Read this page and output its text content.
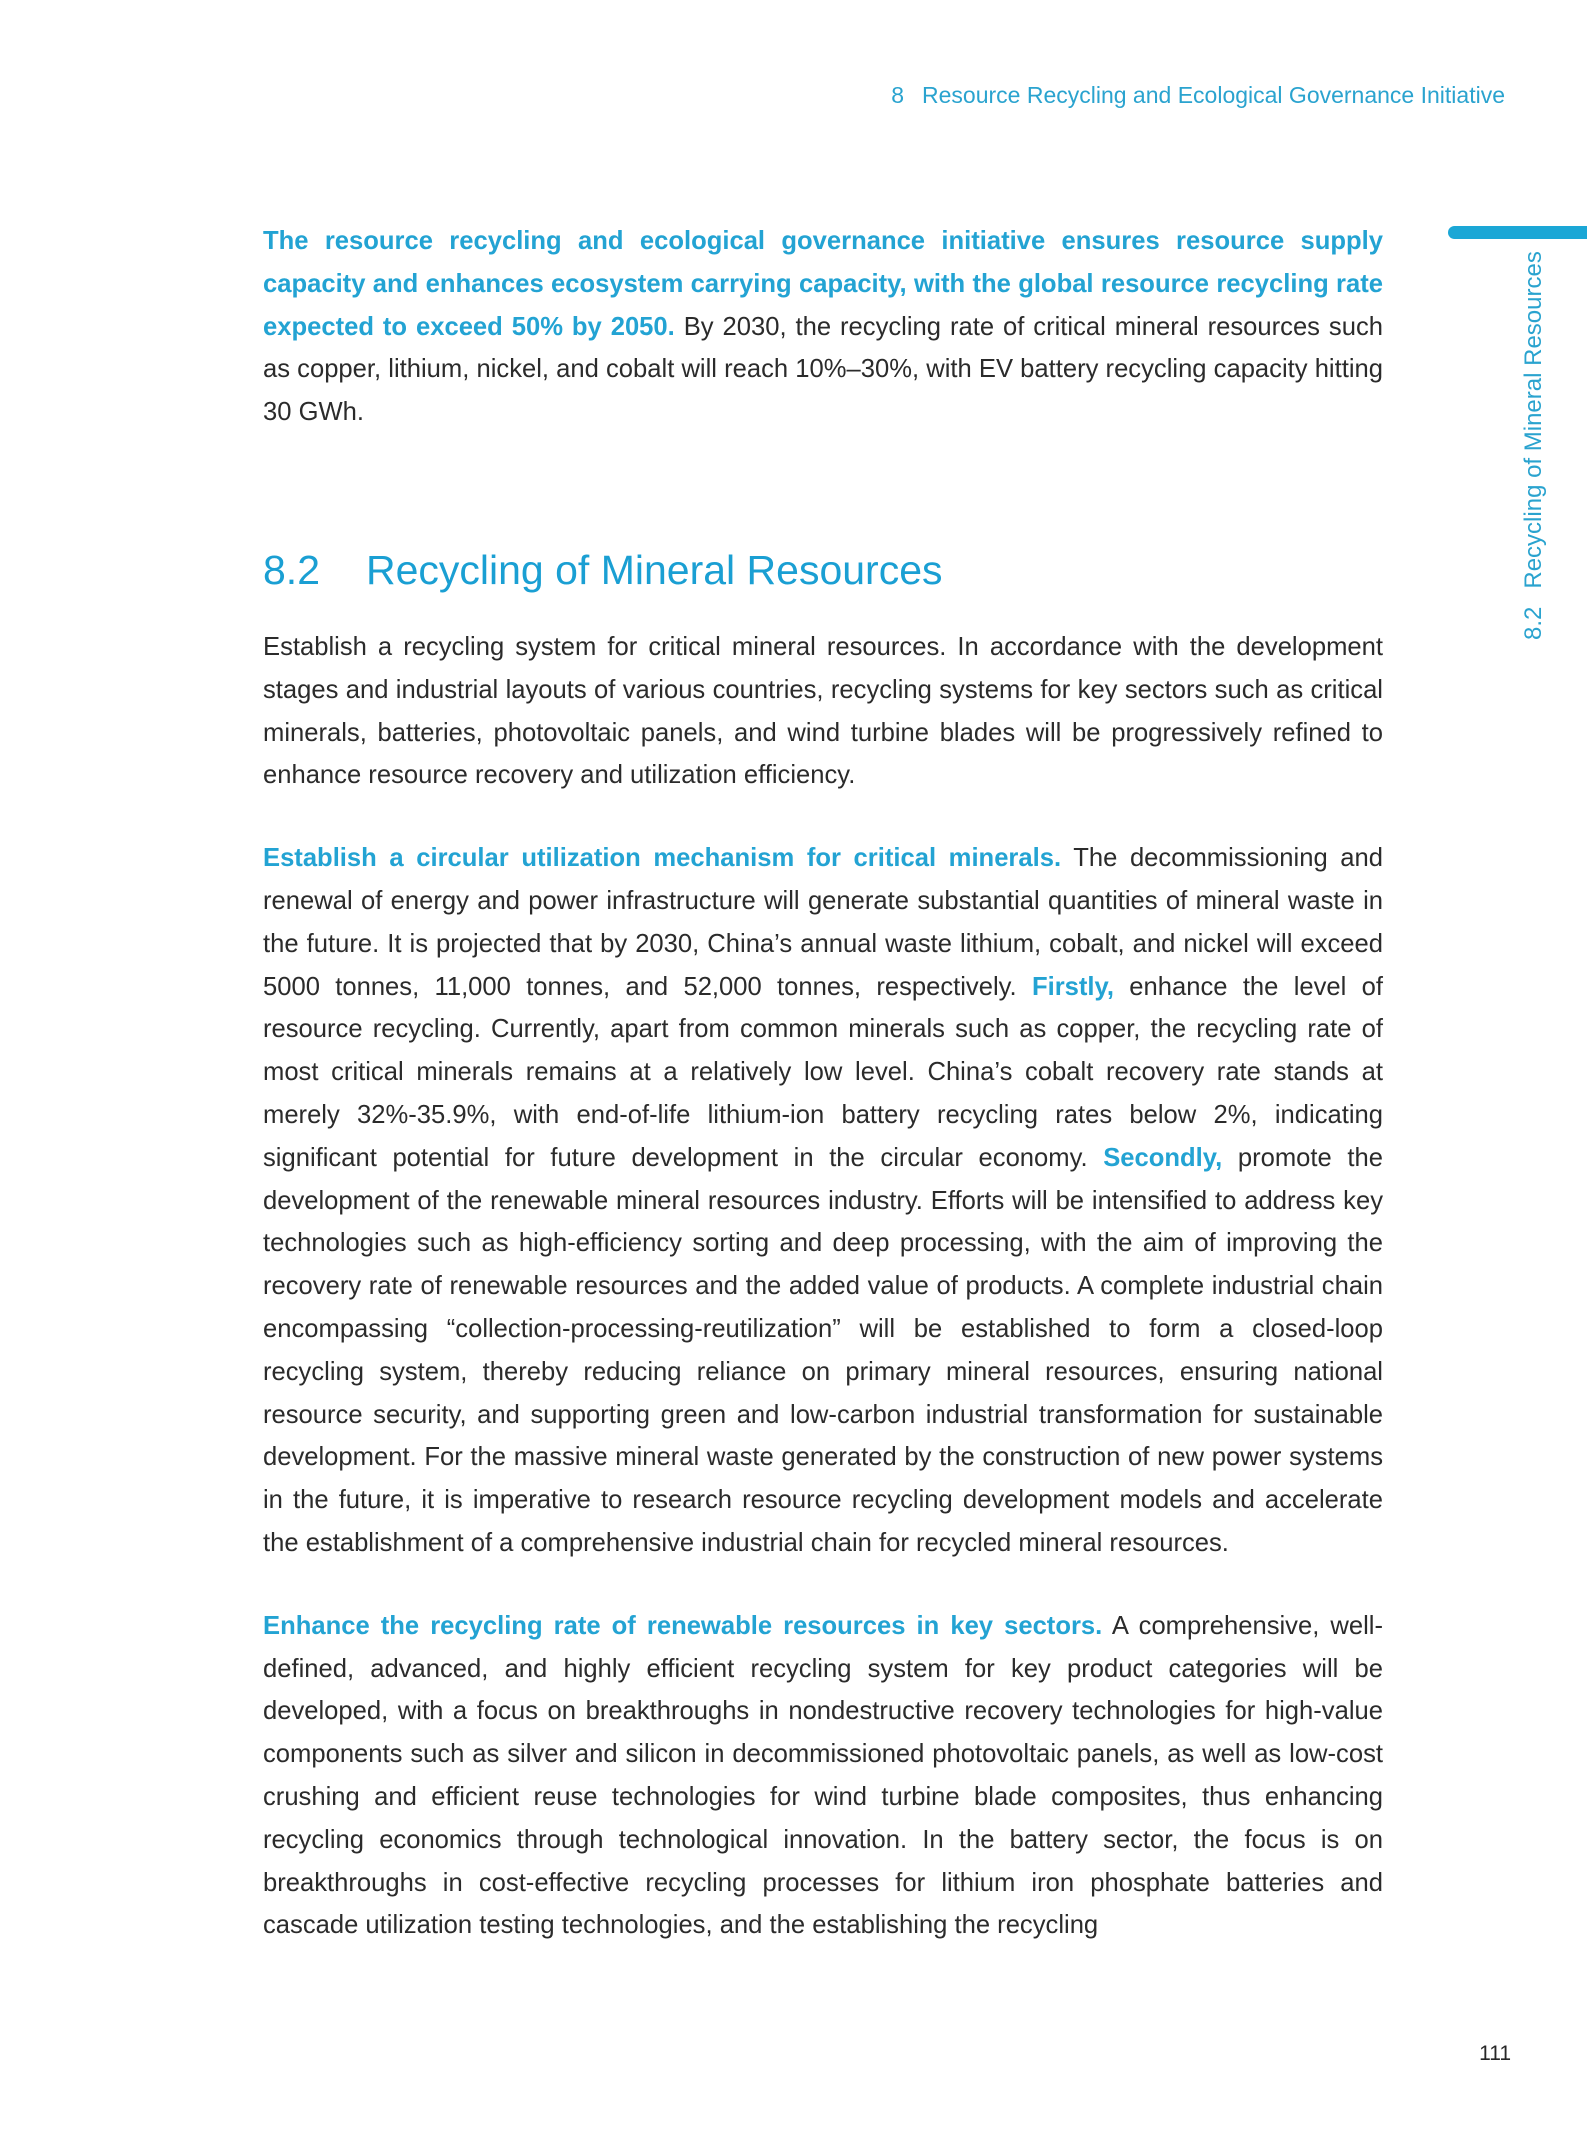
8 Resource Recycling and Ecological Governance Initiative
8.2Recycling of Mineral Resources

The resource recycling and ecological governance initiative ensures resource supply capacity and enhances ecosystem carrying capacity, with the global resource recycling rate expected to exceed 50% by 2050. By 2030, the recycling rate of critical mineral resources such as copper, lithium, nickel, and cobalt will reach 10%–30%, with EV battery recycling capacity hitting 30 GWh.

8.2 Recycling of Mineral Resources

Establish a recycling system for critical mineral resources. In accordance with the development stages and industrial layouts of various countries, recycling systems for key sectors such as critical minerals, batteries, photovoltaic panels, and wind turbine blades will be progressively refined to enhance resource recovery and utilization efficiency.

Establish a circular utilization mechanism for critical minerals. The decommissioning and renewal of energy and power infrastructure will generate substantial quantities of mineral waste in the future. It is projected that by 2030, China’s annual waste lithium, cobalt, and nickel will exceed 5000 tonnes, 11,000 tonnes, and 52,000 tonnes, respectively. Firstly, enhance the level of resource recycling. Currently, apart from common minerals such as copper, the recycling rate of most critical minerals remains at a relatively low level. China’s cobalt recovery rate stands at merely 32%-35.9%, with end-of-life lithium-ion battery recycling rates below 2%, indicating significant potential for future development in the circular economy. Secondly, promote the development of the renewable mineral resources industry. Efforts will be intensified to address key technologies such as high-efficiency sorting and deep processing, with the aim of improving the recovery rate of renewable resources and the added value of products. A complete industrial chain encompassing “collection-processing-reutilization” will be established to form a closed-loop recycling system, thereby reducing reliance on primary mineral resources, ensuring national resource security, and supporting green and low-carbon industrial transformation for sustainable development. For the massive mineral waste generated by the construction of new power systems in the future, it is imperative to research resource recycling development models and accelerate the establishment of a comprehensive industrial chain for recycled mineral resources.

Enhance the recycling rate of renewable resources in key sectors. A comprehensive, well-defined, advanced, and highly efficient recycling system for key product categories will be developed, with a focus on breakthroughs in nondestructive recovery technologies for high-value components such as silver and silicon in decommissioned photovoltaic panels, as well as low-cost crushing and efficient reuse technologies for wind turbine blade composites, thus enhancing recycling economics through technological innovation. In the battery sector, the focus is on breakthroughs in cost-effective recycling processes for lithium iron phosphate batteries and cascade utilization testing technologies, and the establishing the recycling

111
